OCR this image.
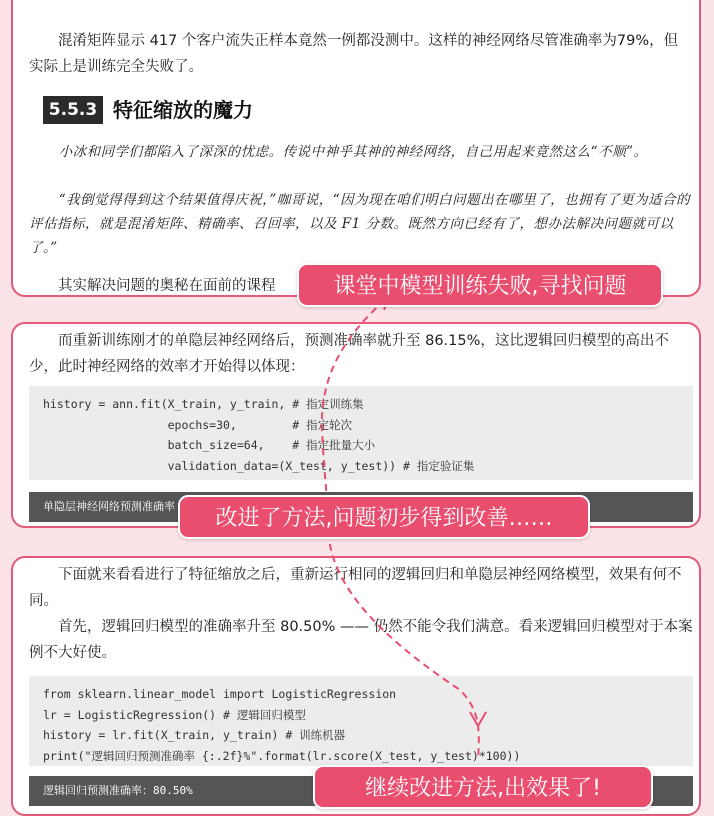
混淆矩阵显示 417 个客户流失正样本竟然一例都没测中。这样的神经网络尽管准确率为79%，但实际上是训练完全失败了。

5.5.3 特征缩放的魔力

小冰和同学们都陷入了深深的忧虑。传说中神乎其神的神经网络，自己用起来竟然这么“不顺”。

“我倒觉得得到这个结果值得庆祝，”咖哥说，“因为现在咱们明白问题出在哪里了，也拥有了更为适合的评估指标，就是混淆矩阵、精确率、召回率，以及 F1 分数。既然方向已经有了，想办法解决问题就可以了。”

其实解决问题的奥秘在面前的课程

而重新训练刚才的单隐层神经网络后，预测准确率就升至 86.15%，这比逻辑回归模型的高出不少，此时神经网络的效率才开始得以体现：

history = ann.fit(X_train, y_train, # 指定训练集
epochs=30,        # 指定轮次
batch_size=64,    # 指定批量大小
validation_data=(X_test, y_test)) # 指定验证集
单隐层神经网络预测准确率

下面就来看看进行了特征缩放之后，重新运行相同的逻辑回归和单隐层神经网络模型，效果有何不同。

首先，逻辑回归模型的准确率升至 80.50% —— 仍然不能令我们满意。看来逻辑回归模型对于本案例不大好使。

from sklearn.linear_model import LogisticRegression
lr = LogisticRegression() # 逻辑回归模型
history = lr.fit(X_train, y_train) # 训练机器
print("逻辑回归预测准确率 {:.2f}%".format(lr.score(X_test, y_test)*100))
逻辑回归预测准确率：80.50%
课堂中模型训练失败,寻找问题
改进了方法,问题初步得到改善……
继续改进方法,出效果了!
